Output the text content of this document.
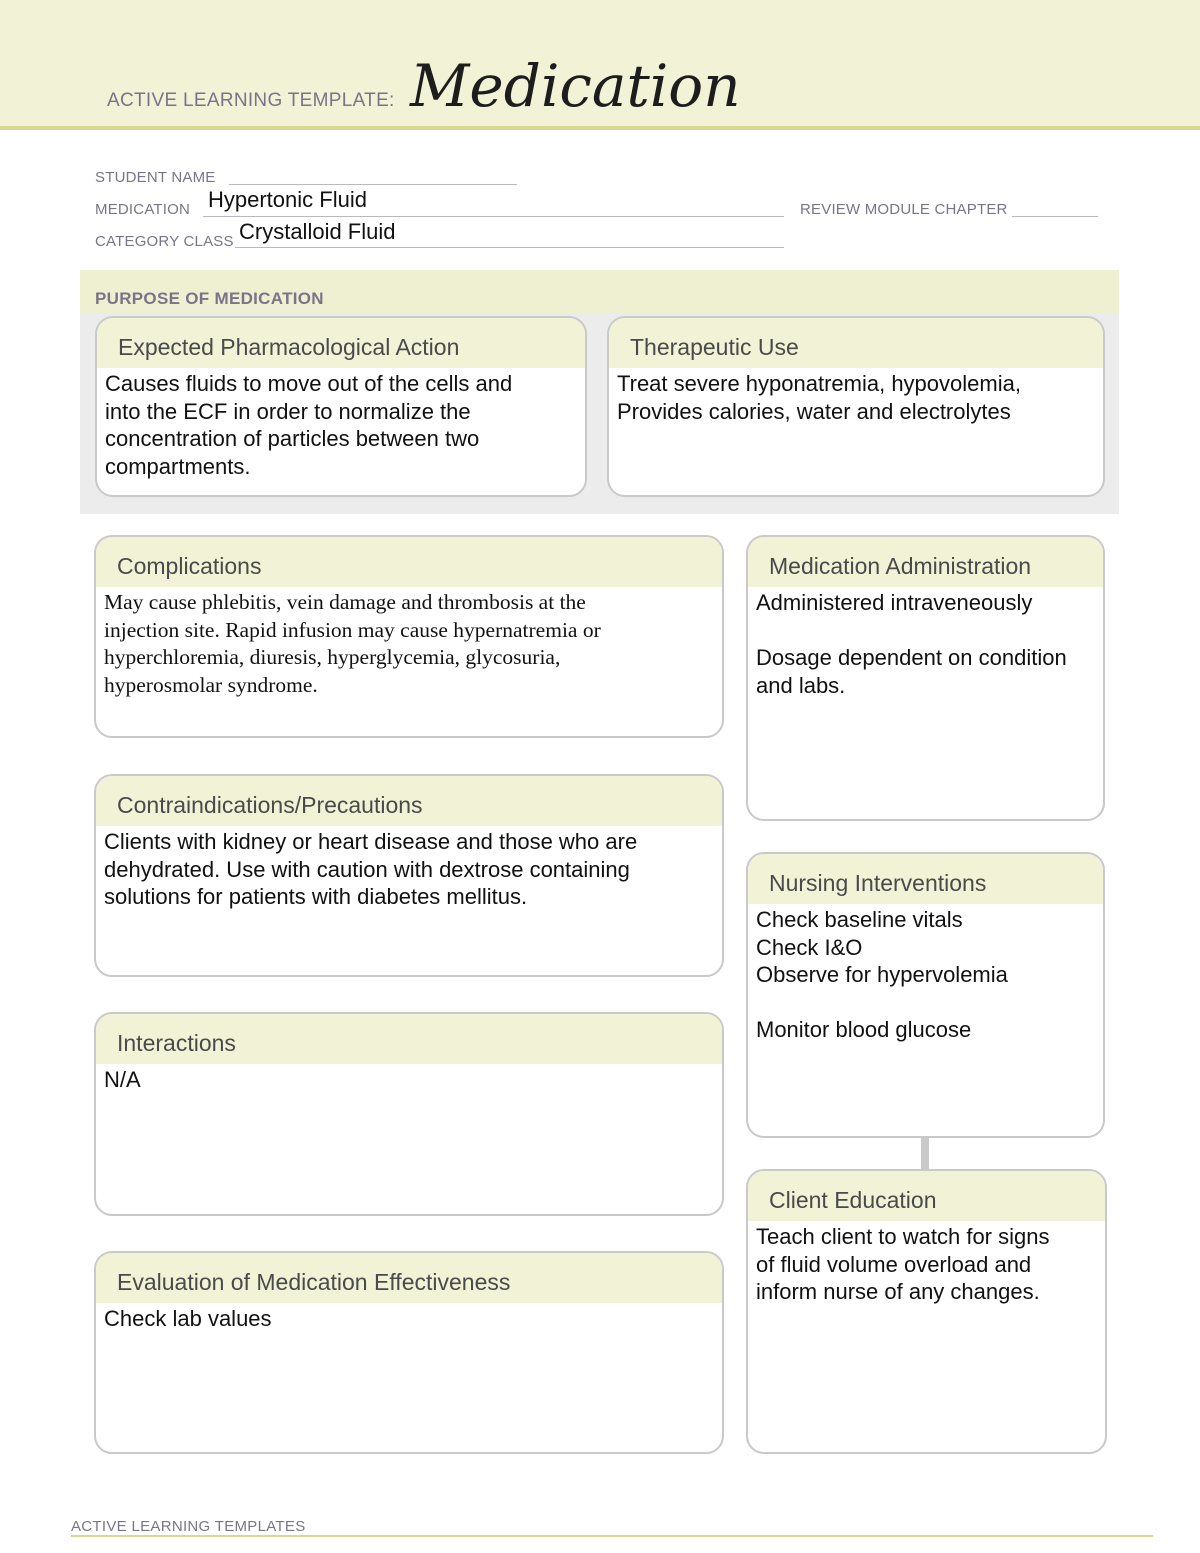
ACTIVE LEARNING TEMPLATE: Medication
STUDENT NAME
MEDICATION Hypertonic Fluid	REVIEW MODULE CHAPTER
CATEGORY CLASS Crystalloid Fluid
PURPOSE OF MEDICATION
Expected Pharmacological Action
Causes fluids to move out of the cells and
into the ECF in order to normalize the
concentration of particles between two
compartments.
Therapeutic Use
Treat severe hyponatremia, hypovolemia,
Provides calories, water and electrolytes
Complications
May cause phlebitis, vein damage and thrombosis at the
injection site. Rapid infusion may cause hypernatremia or
hyperchloremia, diuresis, hyperglycemia, glycosuria,
hyperosmolar syndrome.
Contraindications/Precautions
Clients with kidney or heart disease and those who are
dehydrated. Use with caution with dextrose containing
solutions for patients with diabetes mellitus.
Interactions
N/A
Evaluation of Medication Effectiveness
Check lab values
Medication Administration
Administered intraveneously

Dosage dependent on condition
and labs.
Nursing Interventions
Check baseline vitals
Check I&O
Observe for hypervolemia

Monitor blood glucose
Client Education
Teach client to watch for signs
of fluid volume overload and
inform nurse of any changes.
ACTIVE LEARNING TEMPLATES
